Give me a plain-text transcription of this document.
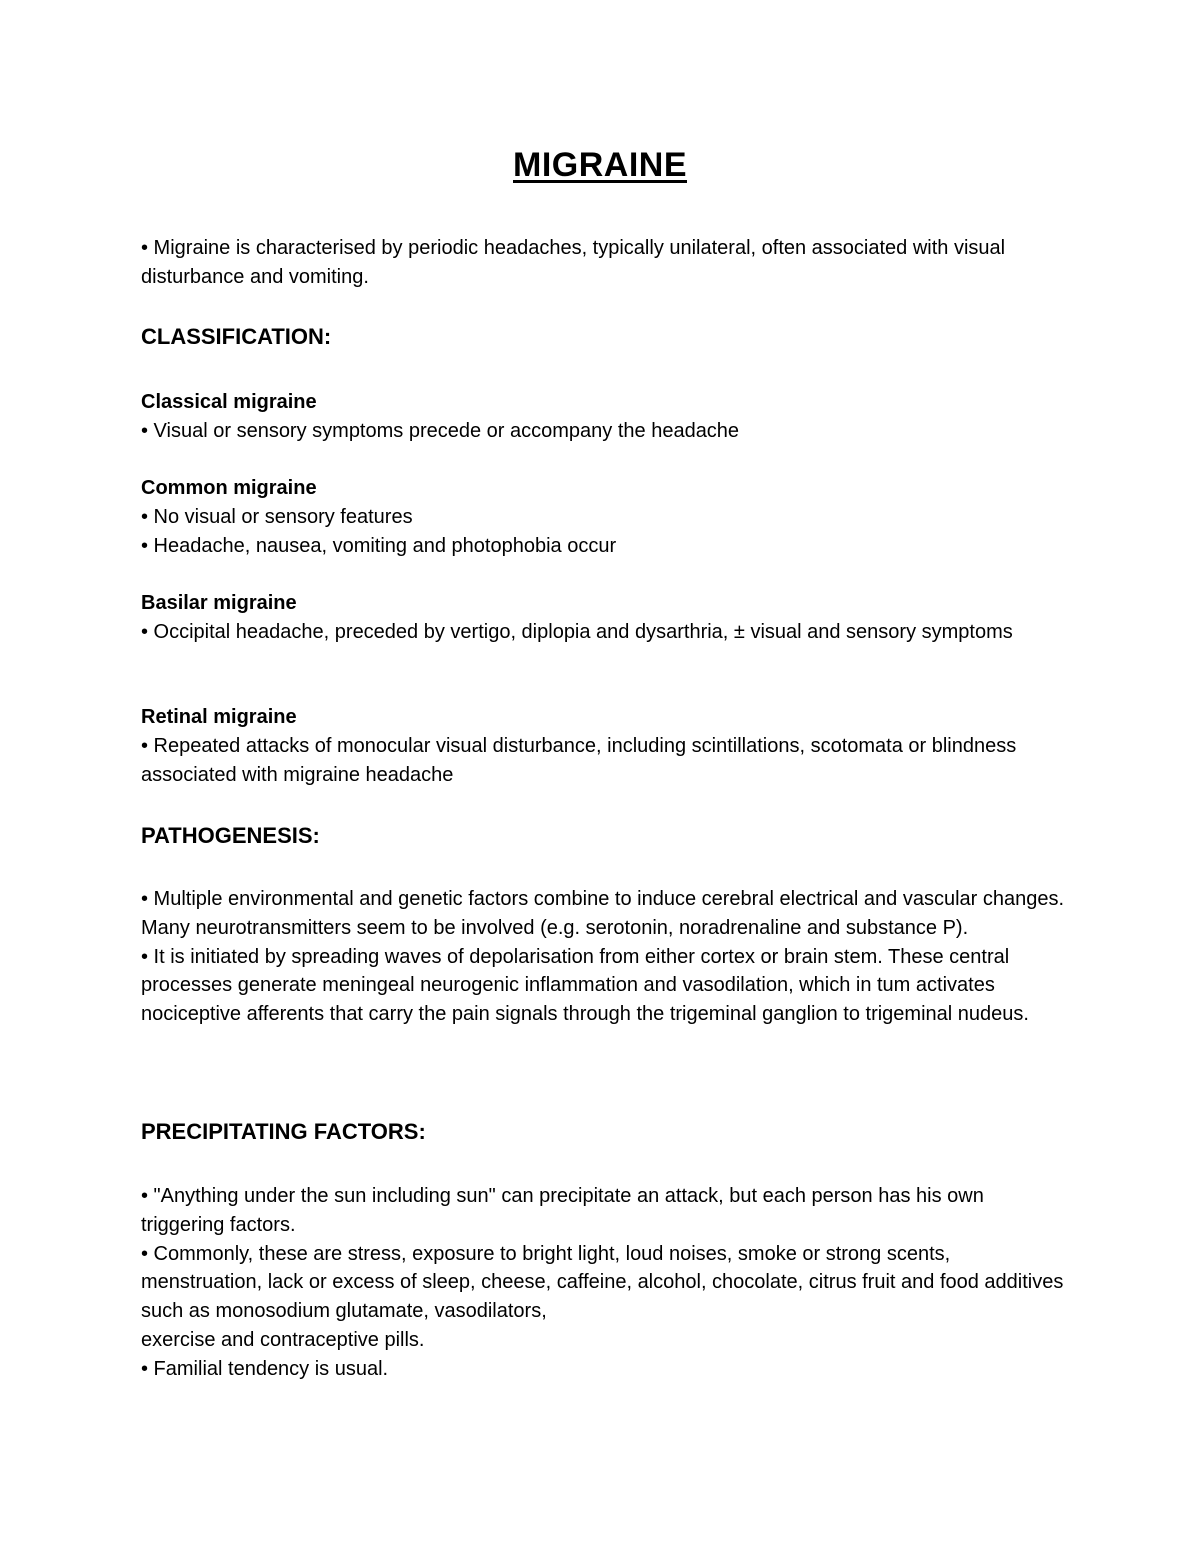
MIGRAINE

• Migraine is characterised by periodic headaches, typically unilateral, often associated with visual disturbance and vomiting.

CLASSIFICATION:

Classical migraine

• Visual or sensory symptoms precede or accompany the headache

Common migraine

• No visual or sensory features

• Headache, nausea, vomiting and photophobia occur

Basilar migraine

• Occipital headache, preceded by vertigo, diplopia and dysarthria, ± visual and sensory symptoms

Retinal migraine

• Repeated attacks of monocular visual disturbance, including scintillations, scotomata or blindness associated with migraine headache

PATHOGENESIS:

• Multiple environmental and genetic factors combine to induce cerebral electrical and vascular changes. Many neurotransmitters seem to be involved (e.g. serotonin, noradrenaline and substance P).

• It is initiated by spreading waves of depolarisation from either cortex or brain stem. These central processes generate meningeal neurogenic inflammation and vasodilation, which in tum activates nociceptive afferents that carry the pain signals through the trigeminal ganglion to trigeminal nudeus.

PRECIPITATING FACTORS:

• "Anything under the sun including sun" can precipitate an attack, but each person has his own triggering factors.

• Commonly, these are stress, exposure to bright light, loud noises, smoke or strong scents, menstruation, lack or excess of sleep, cheese, caffeine, alcohol, chocolate, citrus fruit and food additives such as monosodium glutamate, vasodilators,

exercise and contraceptive pills.

• Familial tendency is usual.
